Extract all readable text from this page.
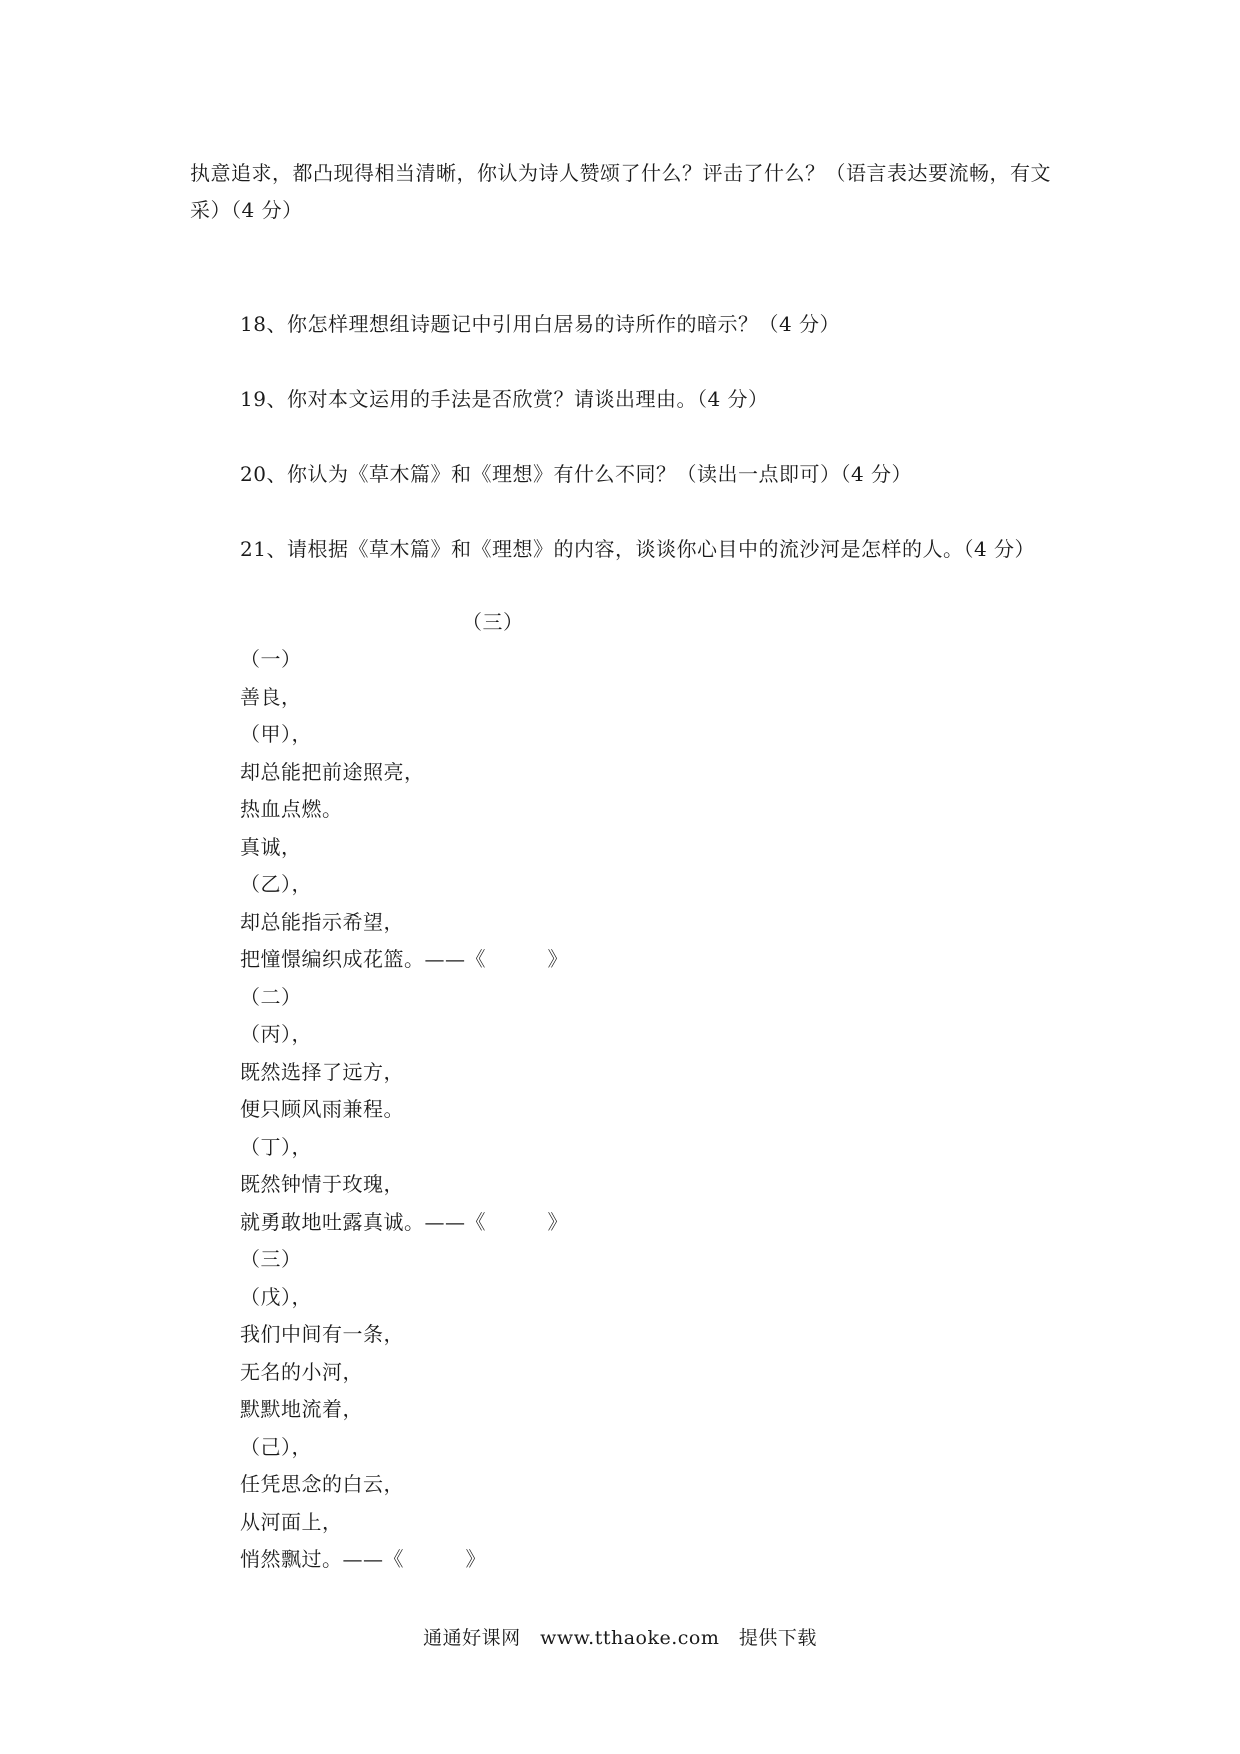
执意追求，都凸现得相当清晰，你认为诗人赞颂了什么？评击了什么？（语言表达要流畅，有文
采）（4 分）
18、你怎样理想组诗题记中引用白居易的诗所作的暗示？（4 分）
19、你对本文运用的手法是否欣赏？请谈出理由。（4 分）
20、你认为《草木篇》和《理想》有什么不同？（读出一点即可）（4 分）
21、请根据《草木篇》和《理想》的内容，谈谈你心目中的流沙河是怎样的人。（4 分）
（三）
（一）
善良，
（甲），
却总能把前途照亮，
热血点燃。
真诚，
（乙），
却总能指示希望，
把憧憬编织成花篮。——《　　　》
（二）
（丙），
既然选择了远方，
便只顾风雨兼程。
（丁），
既然钟情于玫瑰，
就勇敢地吐露真诚。——《　　　》
（三）
（戊），
我们中间有一条，
无名的小河，
默默地流着，
（己），
任凭思念的白云，
从河面上，
悄然飘过。——《　　　》
通通好课网　www.tthaoke.com　提供下载
